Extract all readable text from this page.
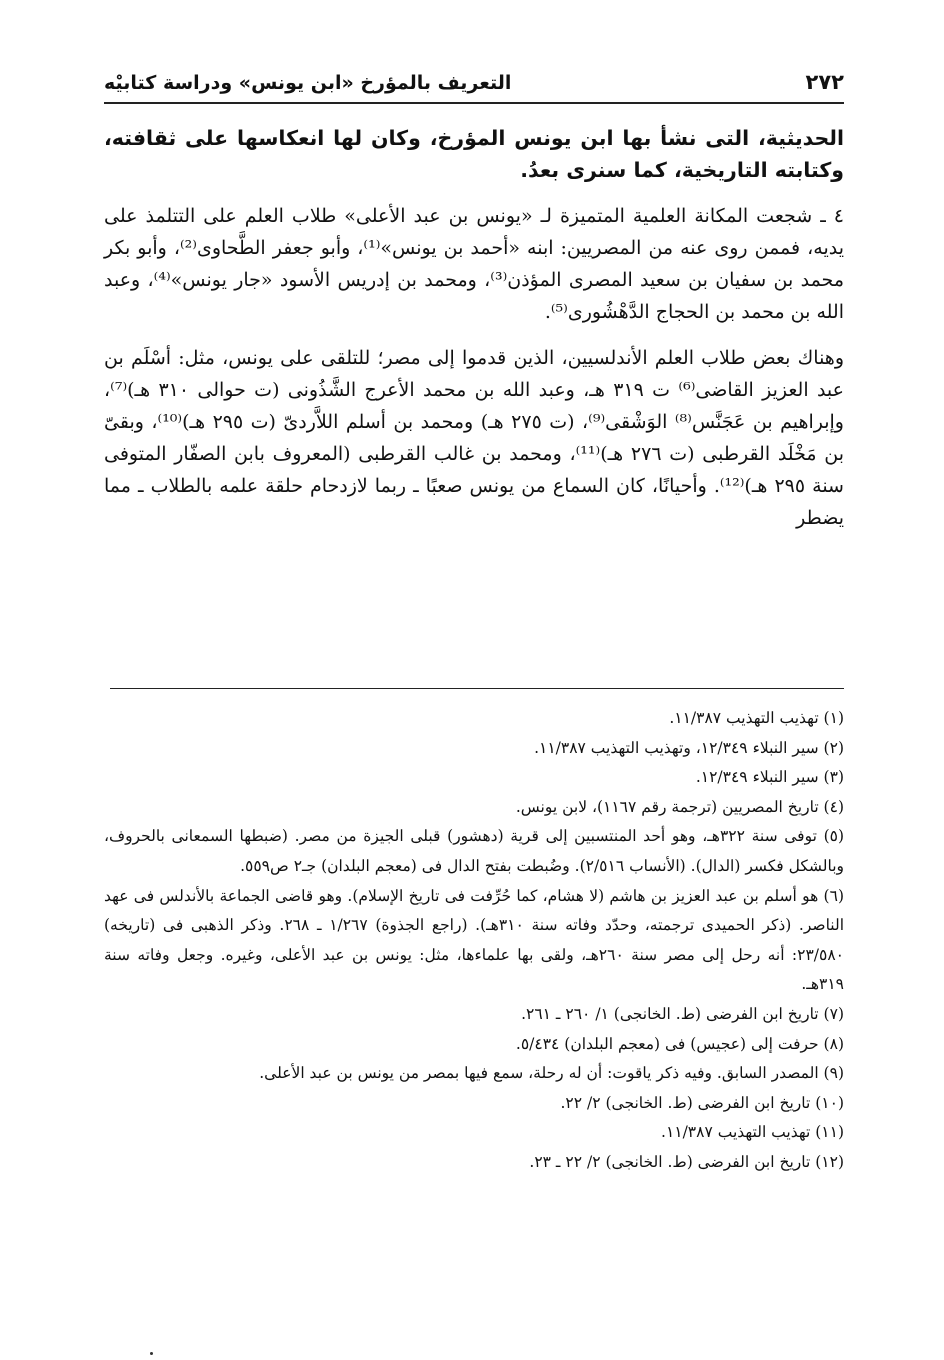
٢٧٢
التعريف بالمؤرخ «ابن يونس» ودراسة كتابيْه
الحديثية، التى نشأ بها ابن يونس المؤرخ، وكان لها انعكاسها على ثقافته، وكتابته التاريخية، كما سنرى بعدُ.
٤ ـ شجعت المكانة العلمية المتميزة لـ «يونس بن عبد الأعلى» طلاب العلم على التتلمذ على يديه، فممن روى عنه من المصريين: ابنه «أحمد بن يونس»⁽¹⁾، وأبو جعفر الطَّحاوى⁽²⁾، وأبو بكر محمد بن سفيان بن سعيد المصرى المؤذن⁽³⁾، ومحمد بن إدريس الأسود «جار يونس»⁽⁴⁾، وعبد الله بن محمد بن الحجاج الدَّهْشُورى⁽⁵⁾.
وهناك بعض طلاب العلم الأندلسيين، الذين قدموا إلى مصر؛ للتلقى على يونس، مثل: أسْلَم بن عبد العزيز القاضى⁽⁶⁾ ت ٣١٩ هـ، وعبد الله بن محمد الأعرج الشَّذُونى (ت حوالى ٣١٠ هـ)⁽⁷⁾، وإبراهيم بن عَجَنَّس⁽⁸⁾ الوَشْقى⁽⁹⁾، (ت ٢٧٥ هـ) ومحمد بن أسلم اللاَّردىّ (ت ٢٩٥ هـ)⁽¹⁰⁾، وبقىّ بن مَخْلَد القرطبى (ت ٢٧٦ هـ)⁽¹¹⁾، ومحمد بن غالب القرطبى (المعروف بابن الصفّار المتوفى سنة ٢٩٥ هـ)⁽¹²⁾. وأحيانًا، كان السماع من يونس صعبًا ـ ربما لازدحام حلقة علمه بالطلاب ـ مما يضطر
(١) تهذيب التهذيب ١١/٣٨٧.
(٢) سير النبلاء ١٢/٣٤٩، وتهذيب التهذيب ١١/٣٨٧.
(٣) سير النبلاء ١٢/٣٤٩.
(٤) تاريخ المصريين (ترجمة رقم ١١٦٧)، لابن يونس.
(٥) توفى سنة ٣٢٢هـ، وهو أحد المنتسبين إلى قرية (دهشور) قبلى الجيزة من مصر. (ضبطها السمعانى بالحروف، وبالشكل فكسر (الدال). (الأنساب ٢/٥١٦). وضُبطت بفتح الدال فى (معجم البلدان) جـ٢ ص٥٥٩.
(٦) هو أسلم بن عبد العزيز بن هاشم (لا هشام، كما حُرِّفت فى تاريخ الإسلام). وهو قاضى الجماعة بالأندلس فى عهد الناصر. (ذكر الحميدى ترجمته، وحدّد وفاته سنة ٣١٠هـ). (راجع الجذوة) ١/٢٦٧ ـ ٢٦٨. وذكر الذهبى فى (تاريخه) ٢٣/٥٨٠: أنه رحل إلى مصر سنة ٢٦٠هـ، ولقى بها علماءها، مثل: يونس بن عبد الأعلى، وغيره. وجعل وفاته سنة ٣١٩هـ.
(٧) تاريخ ابن الفرضى (ط. الخانجى) ١/ ٢٦٠ ـ ٢٦١.
(٨) حرفت إلى (عجيس) فى (معجم البلدان) ٥/٤٣٤.
(٩) المصدر السابق. وفيه ذكر ياقوت: أن له رحلة، سمع فيها بمصر من يونس بن عبد الأعلى.
(١٠) تاريخ ابن الفرضى (ط. الخانجى) ٢/ ٢٢.
(١١) تهذيب التهذيب ١١/٣٨٧.
(١٢) تاريخ ابن الفرضى (ط. الخانجى) ٢/ ٢٢ ـ ٢٣.
